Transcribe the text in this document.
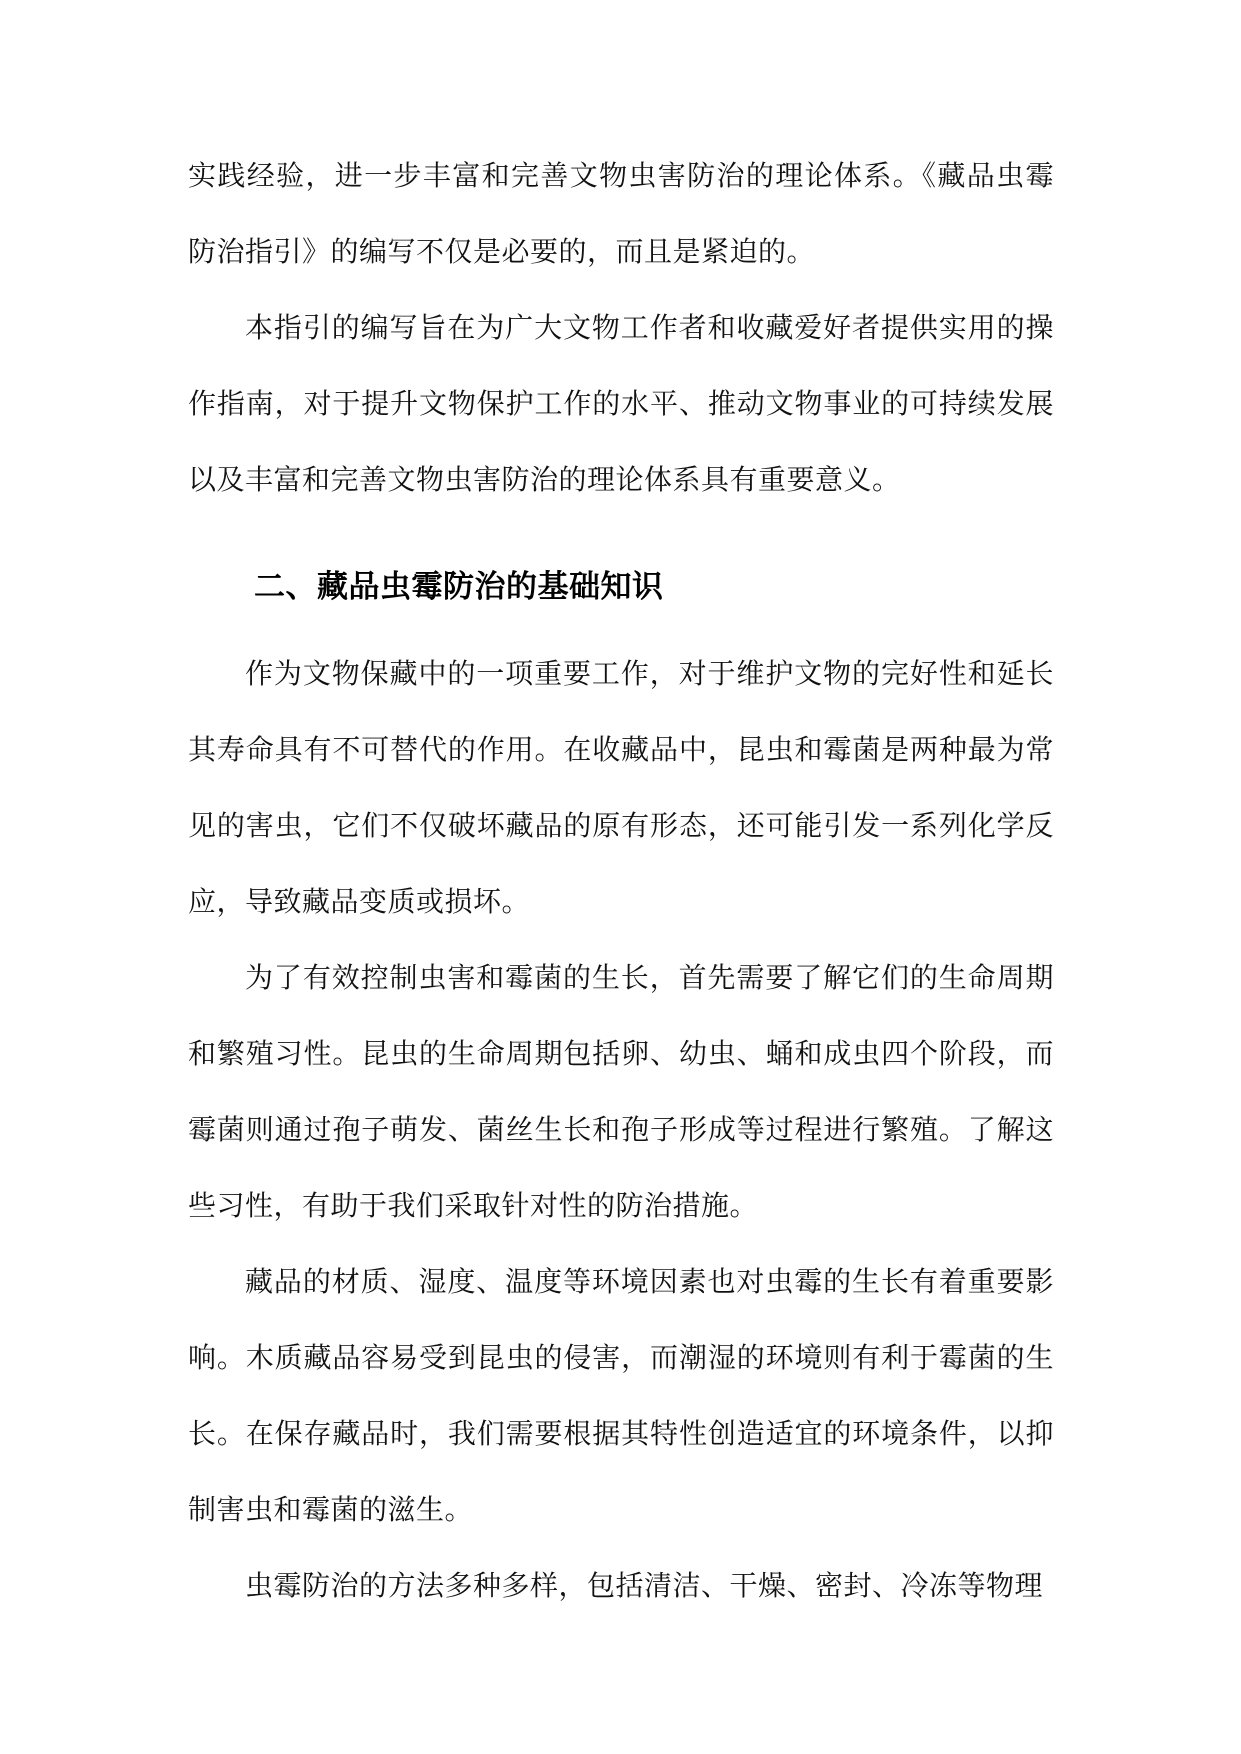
实践经验，进一步丰富和完善文物虫害防治的理论体系。《藏品虫霉防治指引》的编写不仅是必要的，而且是紧迫的。

本指引的编写旨在为广大文物工作者和收藏爱好者提供实用的操作指南，对于提升文物保护工作的水平、推动文物事业的可持续发展以及丰富和完善文物虫害防治的理论体系具有重要意义。

二、藏品虫霉防治的基础知识

作为文物保藏中的一项重要工作，对于维护文物的完好性和延长其寿命具有不可替代的作用。在收藏品中，昆虫和霉菌是两种最为常见的害虫，它们不仅破坏藏品的原有形态，还可能引发一系列化学反应，导致藏品变质或损坏。

为了有效控制虫害和霉菌的生长，首先需要了解它们的生命周期和繁殖习性。昆虫的生命周期包括卵、幼虫、蛹和成虫四个阶段，而霉菌则通过孢子萌发、菌丝生长和孢子形成等过程进行繁殖。了解这些习性，有助于我们采取针对性的防治措施。

藏品的材质、湿度、温度等环境因素也对虫霉的生长有着重要影响。木质藏品容易受到昆虫的侵害，而潮湿的环境则有利于霉菌的生长。在保存藏品时，我们需要根据其特性创造适宜的环境条件，以抑制害虫和霉菌的滋生。

虫霉防治的方法多种多样，包括清洁、干燥、密封、冷冻等物理
